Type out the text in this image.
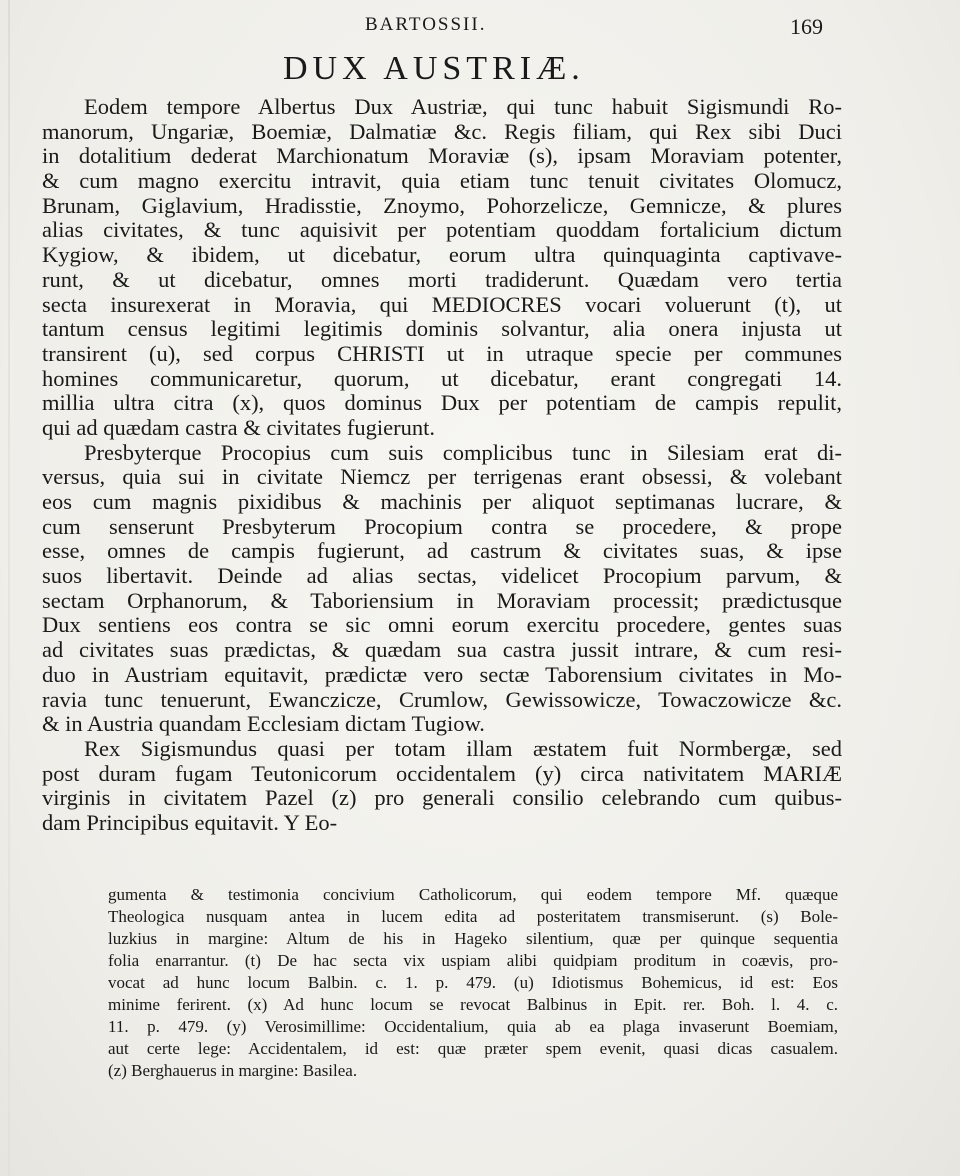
BARTOSSII.	169
DUX AUSTRIÆ.
Eodem tempore Albertus Dux Austriæ, qui tunc habuit Sigismundi Ro-
manorum, Ungariæ, Boemiæ, Dalmatiæ &c. Regis filiam, qui Rex sibi Duci
in dotalitium dederat Marchionatum Moraviæ (s), ipsam Moraviam potenter,
& cum magno exercitu intravit, quia etiam tunc tenuit civitates Olomucz,
Brunam, Giglavium, Hradisstie, Znoymo, Pohorzelicze, Gemnicze, & plures
alias civitates, & tunc aquisivit per potentiam quoddam fortalicium dictum
Kygiow, & ibidem, ut dicebatur, eorum ultra quinquaginta captivave-
runt, & ut dicebatur, omnes morti tradiderunt. Quædam vero tertia
secta insurexerat in Moravia, qui MEDIOCRES vocari voluerunt (t), ut
tantum census legitimi legitimis dominis solvantur, alia onera injusta ut
transirent (u), sed corpus CHRISTI ut in utraque specie per communes
homines communicaretur, quorum, ut dicebatur, erant congregati 14.
millia ultra citra (x), quos dominus Dux per potentiam de campis repulit,
qui ad quædam castra & civitates fugierunt.
Presbyterque Procopius cum suis complicibus tunc in Silesiam erat di-
versus, quia sui in civitate Niemcz per terrigenas erant obsessi, & volebant
eos cum magnis pixidibus & machinis per aliquot septimanas lucrare, &
cum senserunt Presbyterum Procopium contra se procedere, & prope
esse, omnes de campis fugierunt, ad castrum & civitates suas, & ipse
suos libertavit. Deinde ad alias sectas, videlicet Procopium parvum, &
sectam Orphanorum, & Taboriensium in Moraviam processit; prædictusque
Dux sentiens eos contra se sic omni eorum exercitu procedere, gentes suas
ad civitates suas prædictas, & quædam sua castra jussit intrare, & cum resi-
duo in Austriam equitavit, prædictæ vero sectæ Taborensium civitates in Mo-
ravia tunc tenuerunt, Ewanczicze, Crumlow, Gewissowicze, Towaczowicze &c.
& in Austria quandam Ecclesiam dictam Tugiow.
Rex Sigismundus quasi per totam illam æstatem fuit Normbergæ, sed
post duram fugam Teutonicorum occidentalem (y) circa nativitatem MARIÆ
virginis in civitatem Pazel (z) pro generali consilio celebrando cum quibus-
dam Principibus equitavit. Y Eo-
gumenta & testimonia concivium Catholicorum, qui eodem tempore Mf. quæque
Theologica nusquam antea in lucem edita ad posteritatem transmiserunt. (s) Bole-
luzkius in margine: Altum de his in Hageko silentium, quæ per quinque sequentia
folia enarrantur. (t) De hac secta vix uspiam alibi quidpiam proditum in coævis, pro-
vocat ad hunc locum Balbin. c. 1. p. 479. (u) Idiotismus Bohemicus, id est: Eos
minime ferirent. (x) Ad hunc locum se revocat Balbinus in Epit. rer. Boh. l. 4. c.
11. p. 479. (y) Verosimillime: Occidentalium, quia ab ea plaga invaserunt Boemiam,
aut certe lege: Accidentalem, id est: quæ præter spem evenit, quasi dicas casualem.
(z) Berghauerus in margine: Basilea.
